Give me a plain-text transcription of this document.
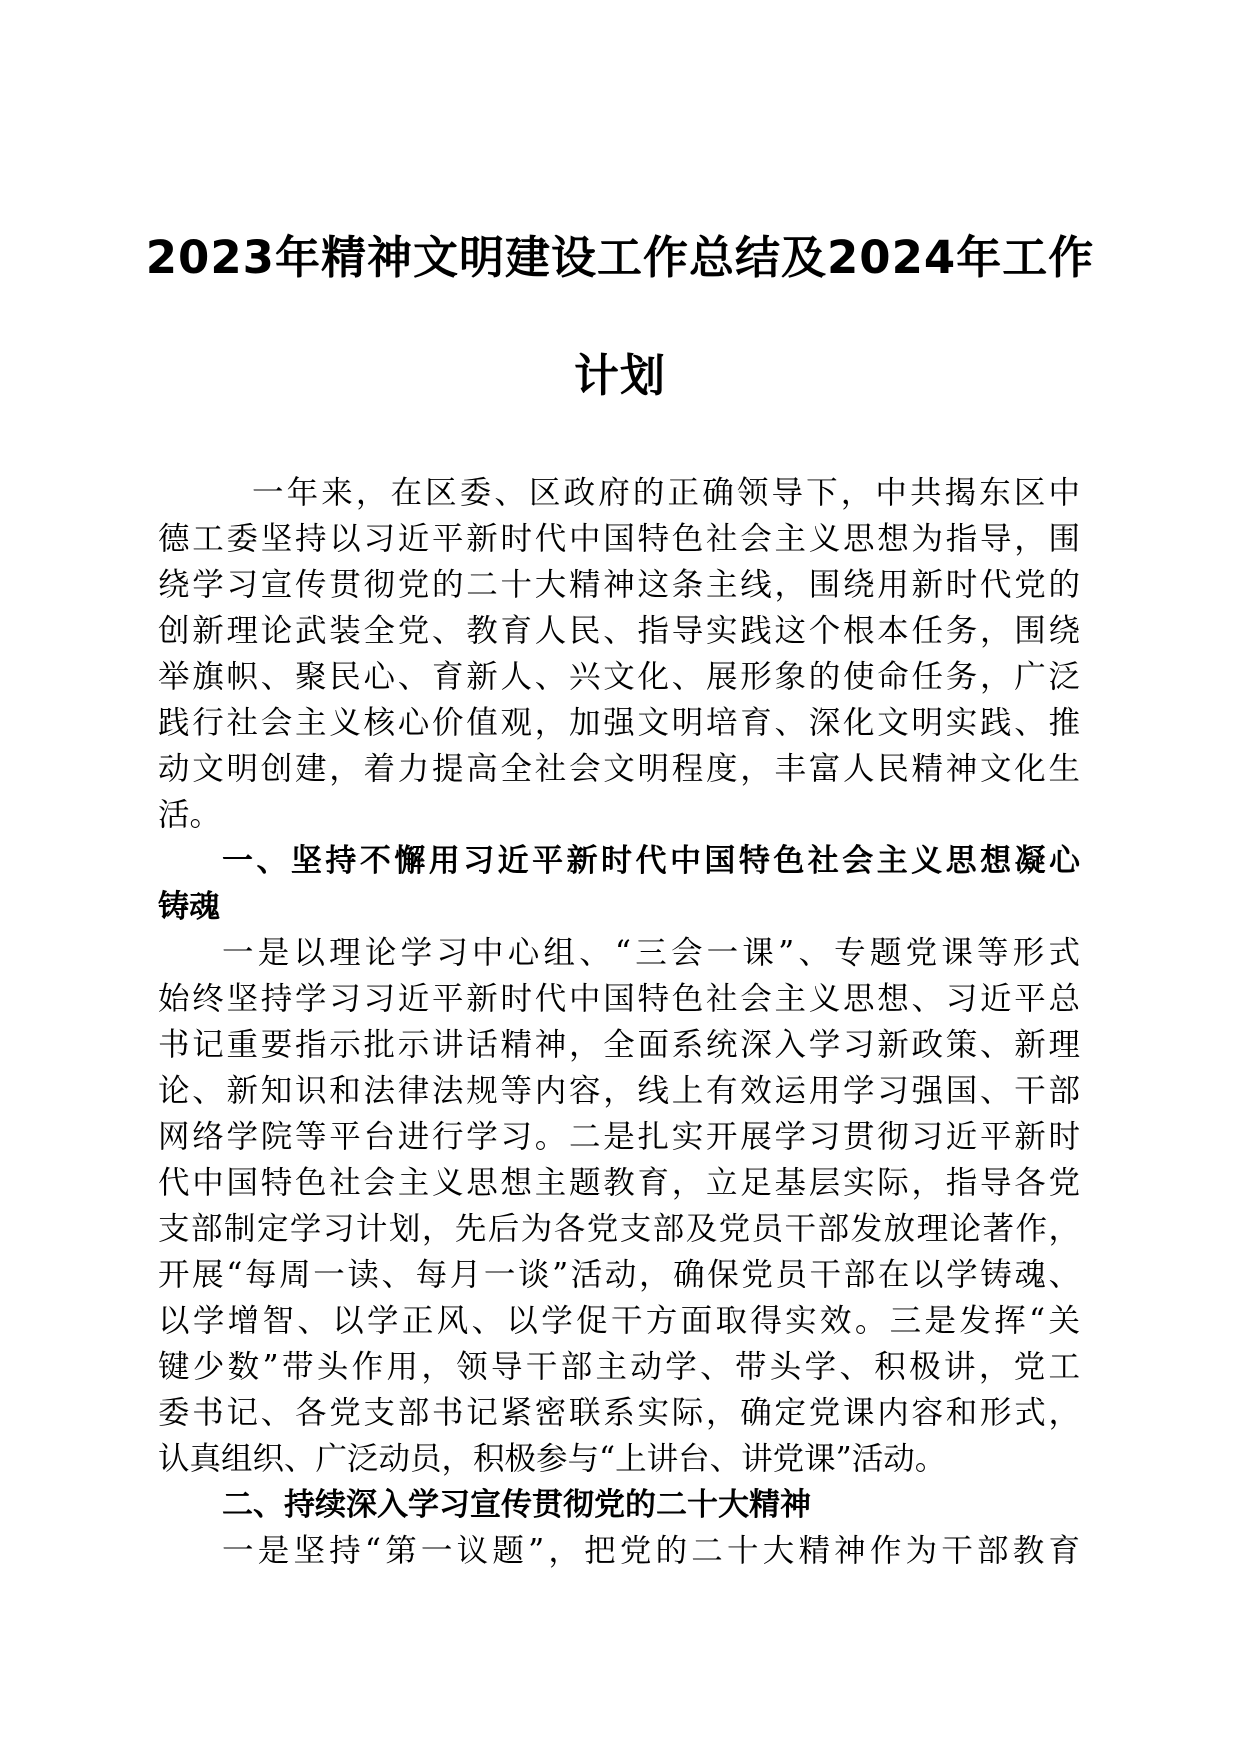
2023年精神文明建设工作总结及2024年工作
计划
一年来，在区委、区政府的正确领导下，中共揭东区中
德工委坚持以习近平新时代中国特色社会主义思想为指导，围
绕学习宣传贯彻党的二十大精神这条主线，围绕用新时代党的
创新理论武装全党、教育人民、指导实践这个根本任务，围绕
举旗帜、聚民心、育新人、兴文化、展形象的使命任务，广泛
践行社会主义核心价值观，加强文明培育、深化文明实践、推
动文明创建，着力提高全社会文明程度，丰富人民精神文化生
活。
一、坚持不懈用习近平新时代中国特色社会主义思想凝心
铸魂
一是以理论学习中心组、“三会一课”、专题党课等形式
始终坚持学习习近平新时代中国特色社会主义思想、习近平总
书记重要指示批示讲话精神，全面系统深入学习新政策、新理
论、新知识和法律法规等内容，线上有效运用学习强国、干部
网络学院等平台进行学习。二是扎实开展学习贯彻习近平新时
代中国特色社会主义思想主题教育，立足基层实际，指导各党
支部制定学习计划，先后为各党支部及党员干部发放理论著作，
开展“每周一读、每月一谈”活动，确保党员干部在以学铸魂、
以学增智、以学正风、以学促干方面取得实效。三是发挥“关
键少数”带头作用，领导干部主动学、带头学、积极讲，党工
委书记、各党支部书记紧密联系实际，确定党课内容和形式，
认真组织、广泛动员，积极参与“上讲台、讲党课”活动。
二、持续深入学习宣传贯彻党的二十大精神
一是坚持“第一议题”，把党的二十大精神作为干部教育
